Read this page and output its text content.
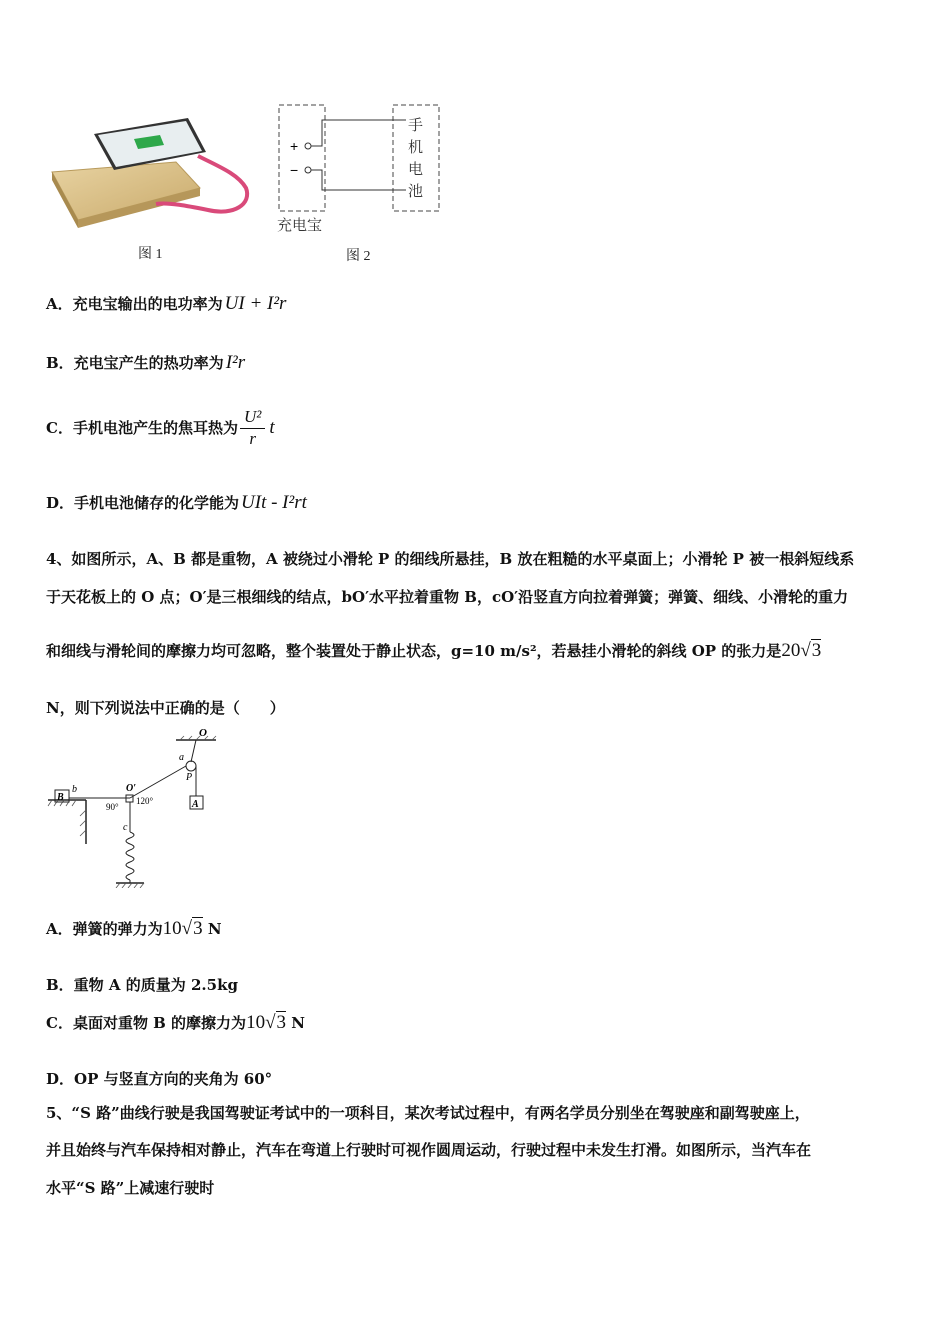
图 1
+
−
手
机
电
池
充电宝
图 2
A．充电宝输出的电功率为 UI + I²r
B．充电宝产生的热功率为 I²r
C．手机电池产生的焦耳热为 $\frac{\text{U²}}{r}$ t
D．手机电池储存的化学能为 UIt - I²rt
4、如图所示，A、B 都是重物，A 被绕过小滑轮 P 的细线所悬挂，B 放在粗糙的水平桌面上；小滑轮 P 被一根斜短线系
于天花板上的 O 点；O′是三根细线的结点，bO′水平拉着重物 B，cO′沿竖直方向拉着弹簧；弹簧、细线、小滑轮的重力
和细线与滑轮间的摩擦力均可忽略，整个装置处于静止状态，g=10 m/s²，若悬挂小滑轮的斜线 OP 的张力是20√3
N，则下列说法中正确的是（　　）
O
a
P
A
B
b	O′
90°
120°
c
A．弹簧的弹力为10√3 N
B．重物 A 的质量为 2.5kg
C．桌面对重物 B 的摩擦力为10√3 N
D．OP 与竖直方向的夹角为 60°
5、“S 路”曲线行驶是我国驾驶证考试中的一项科目，某次考试过程中，有两名学员分别坐在驾驶座和副驾驶座上，
并且始终与汽车保持相对静止，汽车在弯道上行驶时可视作圆周运动，行驶过程中未发生打滑。如图所示，当汽车在
水平“S 路”上减速行驶时
